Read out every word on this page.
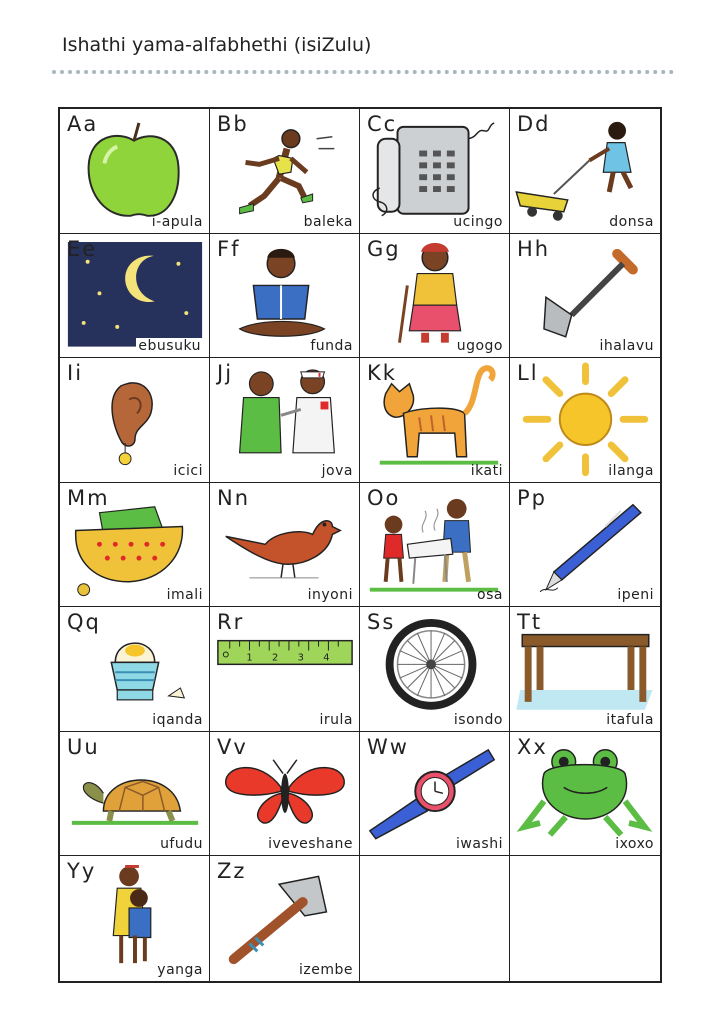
Ishathi yama-alfabhethi (isiZulu)
Aa
i-apula
Bb
baleka
Cc
ucingo
Dd
donsa
Ee
ebusuku
Ff
funda
Gg
ugogo
Hh
ihalavu
Ii
icici
Jj
jova
Kk
ikati
Ll
ilanga
Mm
imali
Nn
inyoni
Oo
osa
Pp
ipeni
Qq
iqanda
1 2 3 4
Rr
irula
Ss
isondo
Tt
itafula
Uu
ufudu
Vv
iveveshane
Ww
iwashi
Xx
ixoxo
Yy
yanga
Zz
izembe
